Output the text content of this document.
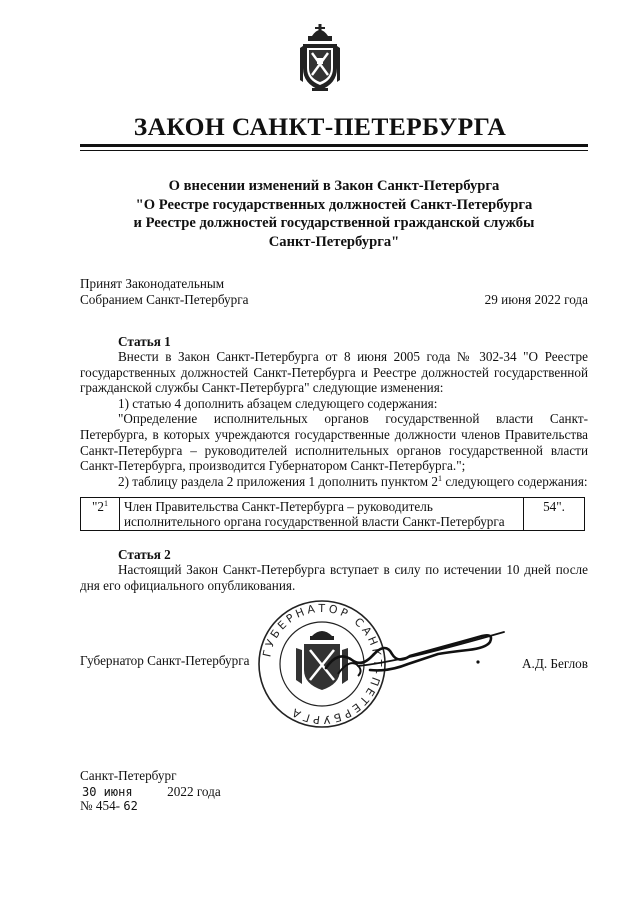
ЗАКОН САНКТ-ПЕТЕРБУРГА
О внесении изменений в Закон Санкт-Петербурга
"О Реестре государственных должностей Санкт-Петербурга
и Реестре должностей государственной гражданской службы
Санкт-Петербурга"
Принят Законодательным
Собранием Санкт-Петербурга	29 июня 2022 года
Статья 1

Внести в Закон Санкт-Петербурга от 8 июня 2005 года № 302-34 "О Реестре государственных должностей Санкт-Петербурга и Реестре должностей государственной гражданской службы Санкт-Петербурга" следующие изменения:

1) статью 4 дополнить абзацем следующего содержания:

"Определение исполнительных органов государственной власти Санкт-Петербурга, в которых учреждаются государственные должности членов Правительства Санкт-Петербурга – руководителей исполнительных органов государственной власти Санкт-Петербурга, производится Губернатором Санкт-Петербурга.";

2) таблицу раздела 2 приложения 1 дополнить пунктом $2^1$ следующего содержания:

"$2^1$	Член Правительства Санкт-Петербурга – руководитель
исполнительного органа государственной власти Санкт-Петербурга
	54".
Статья 2

Настоящий Закон Санкт-Петербурга вступает в силу по истечении 10 дней после дня его официального опубликования.

Губернатор Санкт-Петербурга
ГУБЕРНАТОР САНКТ-ПЕТЕРБУРГА
А.Д. Беглов
Санкт-Петербург
30 июня	2022 года
№ 454- 62
